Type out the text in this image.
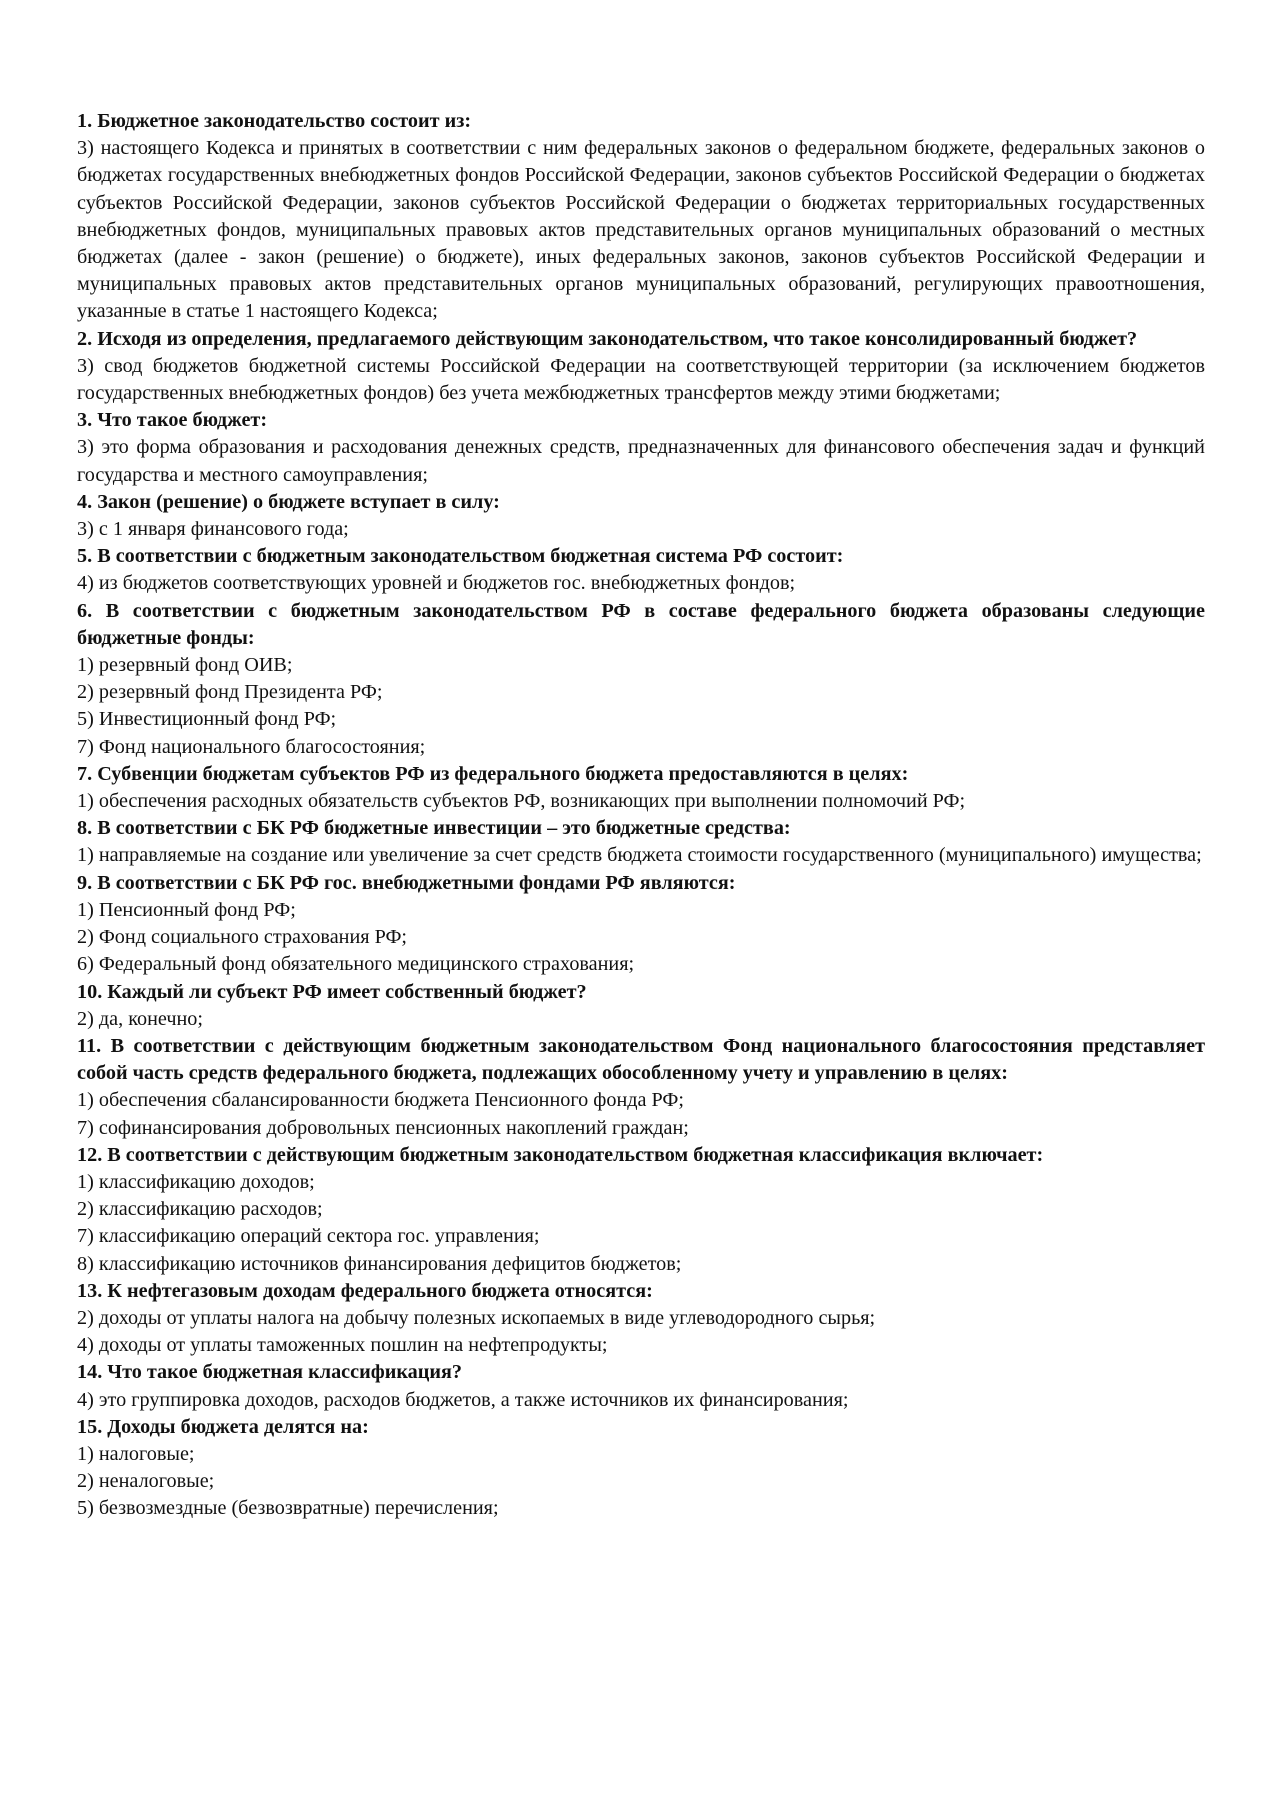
1. Бюджетное законодательство состоит из:

3) настоящего Кодекса и принятых в соответствии с ним федеральных законов о федеральном бюджете, федеральных законов о бюджетах государственных внебюджетных фондов Российской Федерации, законов субъектов Российской Федерации о бюджетах субъектов Российской Федерации, законов субъектов Российской Федерации о бюджетах территориальных государственных внебюджетных фондов, муниципальных правовых актов представительных органов муниципальных образований о местных бюджетах (далее - закон (решение) о бюджете), иных федеральных законов, законов субъектов Российской Федерации и муниципальных правовых актов представительных органов муниципальных образований, регулирующих правоотношения, указанные в статье 1 настоящего Кодекса;

2. Исходя из определения, предлагаемого действующим законодательством, что такое консолидированный бюджет?

3) свод бюджетов бюджетной системы Российской Федерации на соответствующей территории (за исключением бюджетов государственных внебюджетных фондов) без учета межбюджетных трансфертов между этими бюджетами;

3. Что такое бюджет:

3) это форма образования и расходования денежных средств, предназначенных для финансового обеспечения задач и функций государства и местного самоуправления;

4. Закон (решение) о бюджете вступает в силу:

3) с 1 января финансового года;

5. В соответствии с бюджетным законодательством бюджетная система РФ состоит:

4) из бюджетов соответствующих уровней и бюджетов гос. внебюджетных фондов;

6. В соответствии с бюджетным законодательством РФ в составе федерального бюджета образованы следующие бюджетные фонды:

1) резервный фонд ОИВ;

2) резервный фонд Президента РФ;

5) Инвестиционный фонд РФ;

7) Фонд национального благосостояния;

7. Субвенции бюджетам субъектов РФ из федерального бюджета предоставляются в целях:

1) обеспечения расходных обязательств субъектов РФ, возникающих при выполнении полномочий РФ;

8. В соответствии с БК РФ бюджетные инвестиции – это бюджетные средства:

1) направляемые на создание или увеличение за счет средств бюджета стоимости государственного (муниципального) имущества;

9. В соответствии с БК РФ гос. внебюджетными фондами РФ являются:

1) Пенсионный фонд РФ;

2) Фонд социального страхования РФ;

6) Федеральный фонд обязательного медицинского страхования;

10. Каждый ли субъект РФ имеет собственный бюджет?

2) да, конечно;

11. В соответствии с действующим бюджетным законодательством Фонд национального благосостояния представляет собой часть средств федерального бюджета, подлежащих обособленному учету и управлению в целях:

1) обеспечения сбалансированности бюджета Пенсионного фонда РФ;

7) софинансирования добровольных пенсионных накоплений граждан;

12. В соответствии с действующим бюджетным законодательством бюджетная классификация включает:

1) классификацию доходов;

2) классификацию расходов;

7) классификацию операций сектора гос. управления;

8) классификацию источников финансирования дефицитов бюджетов;

13. К нефтегазовым доходам федерального бюджета относятся:

2) доходы от уплаты налога на добычу полезных ископаемых в виде углеводородного сырья;

4) доходы от уплаты таможенных пошлин на нефтепродукты;

14. Что такое бюджетная классификация?

4) это группировка доходов, расходов бюджетов, а также источников их финансирования;

15. Доходы бюджета делятся на:

1) налоговые;

2) неналоговые;

5) безвозмездные (безвозвратные) перечисления;
